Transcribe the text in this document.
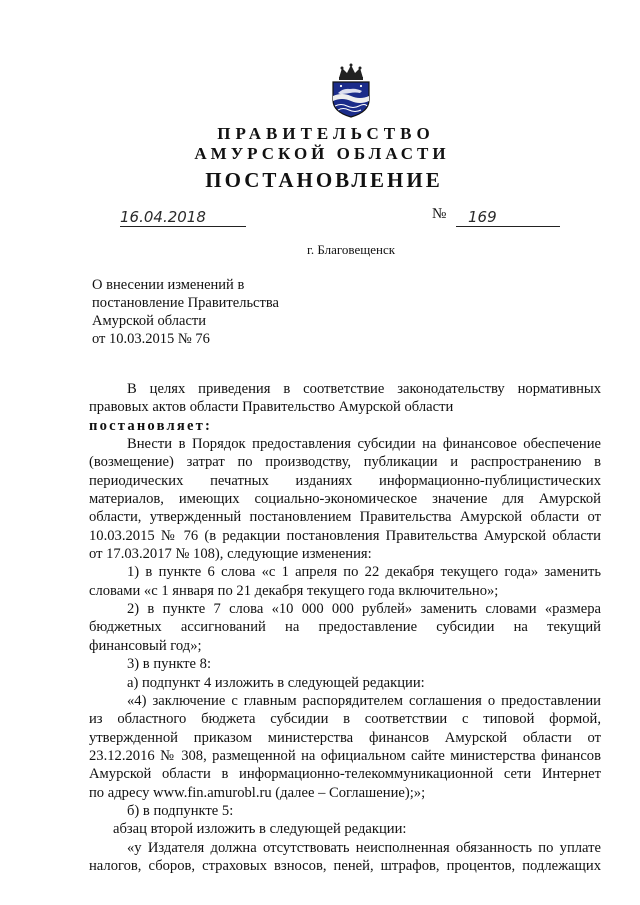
ПРАВИТЕЛЬСТВО
АМУРСКОЙ ОБЛАСТИ
ПОСТАНОВЛЕНИЕ
16.04.2018	№ 169
г. Благовещенск
О внесении изменений в
постановление Правительства
Амурской области
от 10.03.2015 № 76

В целях приведения в соответствие законодательству нормативных

правовых актов области Правительство Амурской области

постановляет:

Внести в Порядок предоставления субсидии на финансовое обеспечение

(возмещение) затрат по производству, публикации и распространению в

периодических печатных изданиях информационно-публицистических

материалов, имеющих социально-экономическое значение для Амурской

области, утвержденный постановлением Правительства Амурской области от

10.03.2015 № 76 (в редакции постановления Правительства Амурской области

от 17.03.2017 № 108), следующие изменения:

1) в пункте 6 слова «с 1 апреля по 22 декабря текущего года» заменить

словами «с 1 января по 21 декабря текущего года включительно»;

2) в пункте 7 слова «10 000 000 рублей» заменить словами «размера

бюджетных ассигнований на предоставление субсидии на текущий

финансовый год»;

3) в пункте 8:

а) подпункт 4 изложить в следующей редакции:

«4) заключение с главным распорядителем соглашения о предоставлении

из областного бюджета субсидии в соответствии с типовой формой,

утвержденной приказом министерства финансов Амурской области от

23.12.2016 № 308, размещенной на официальном сайте министерства финансов

Амурской области в информационно-телекоммуникационной сети Интернет

по адресу www.fin.amurobl.ru (далее – Соглашение);»;

б) в подпункте 5:

абзац второй изложить в следующей редакции:

«у Издателя должна отсутствовать неисполненная обязанность по уплате

налогов, сборов, страховых взносов, пеней, штрафов, процентов, подлежащих
